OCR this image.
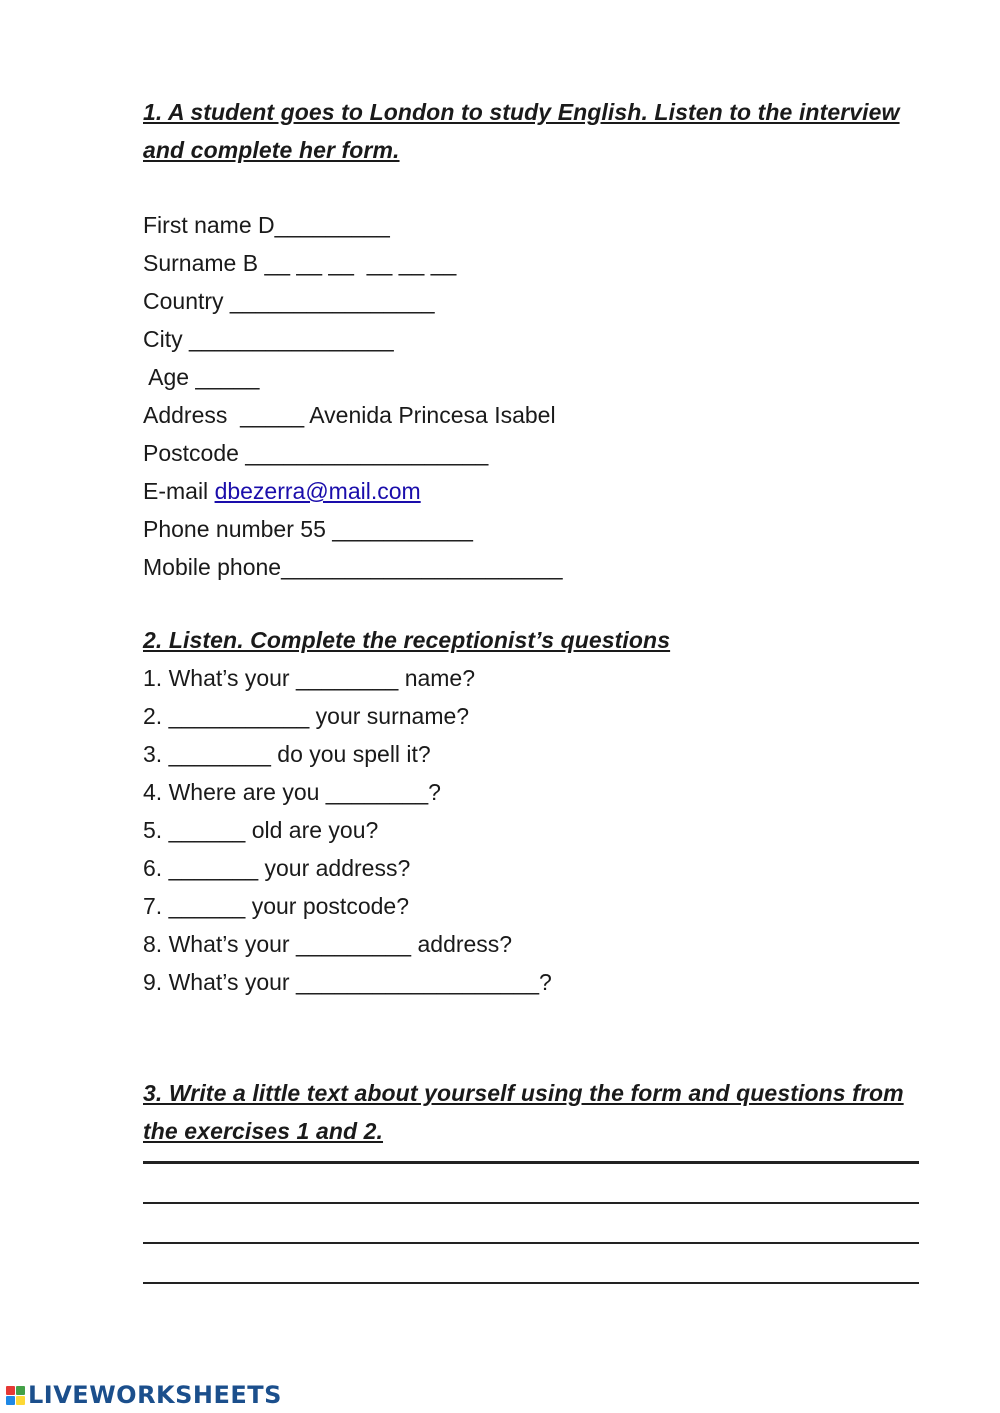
1. A student goes to London to study English. Listen to the interview and complete her form.

First name D_________

Surname B __ __ __  __ __ __

Country ________________

City ________________

Age _____

Address  _____ Avenida Princesa Isabel

Postcode ___________________

E-mail dbezerra@mail.com

Phone number 55 ___________

Mobile phone______________________

2. Listen. Complete the receptionist’s questions

1. What’s your ________ name?

2. ___________ your surname?

3. ________ do you spell it?

4. Where are you ________?

5. ______ old are you?

6. _______ your address?

7. ______ your postcode?

8. What’s your _________ address?

9. What’s your ___________________?

3. Write a little text about yourself using the form and questions from the exercises 1 and 2.

LIVEWORKSHEETS
